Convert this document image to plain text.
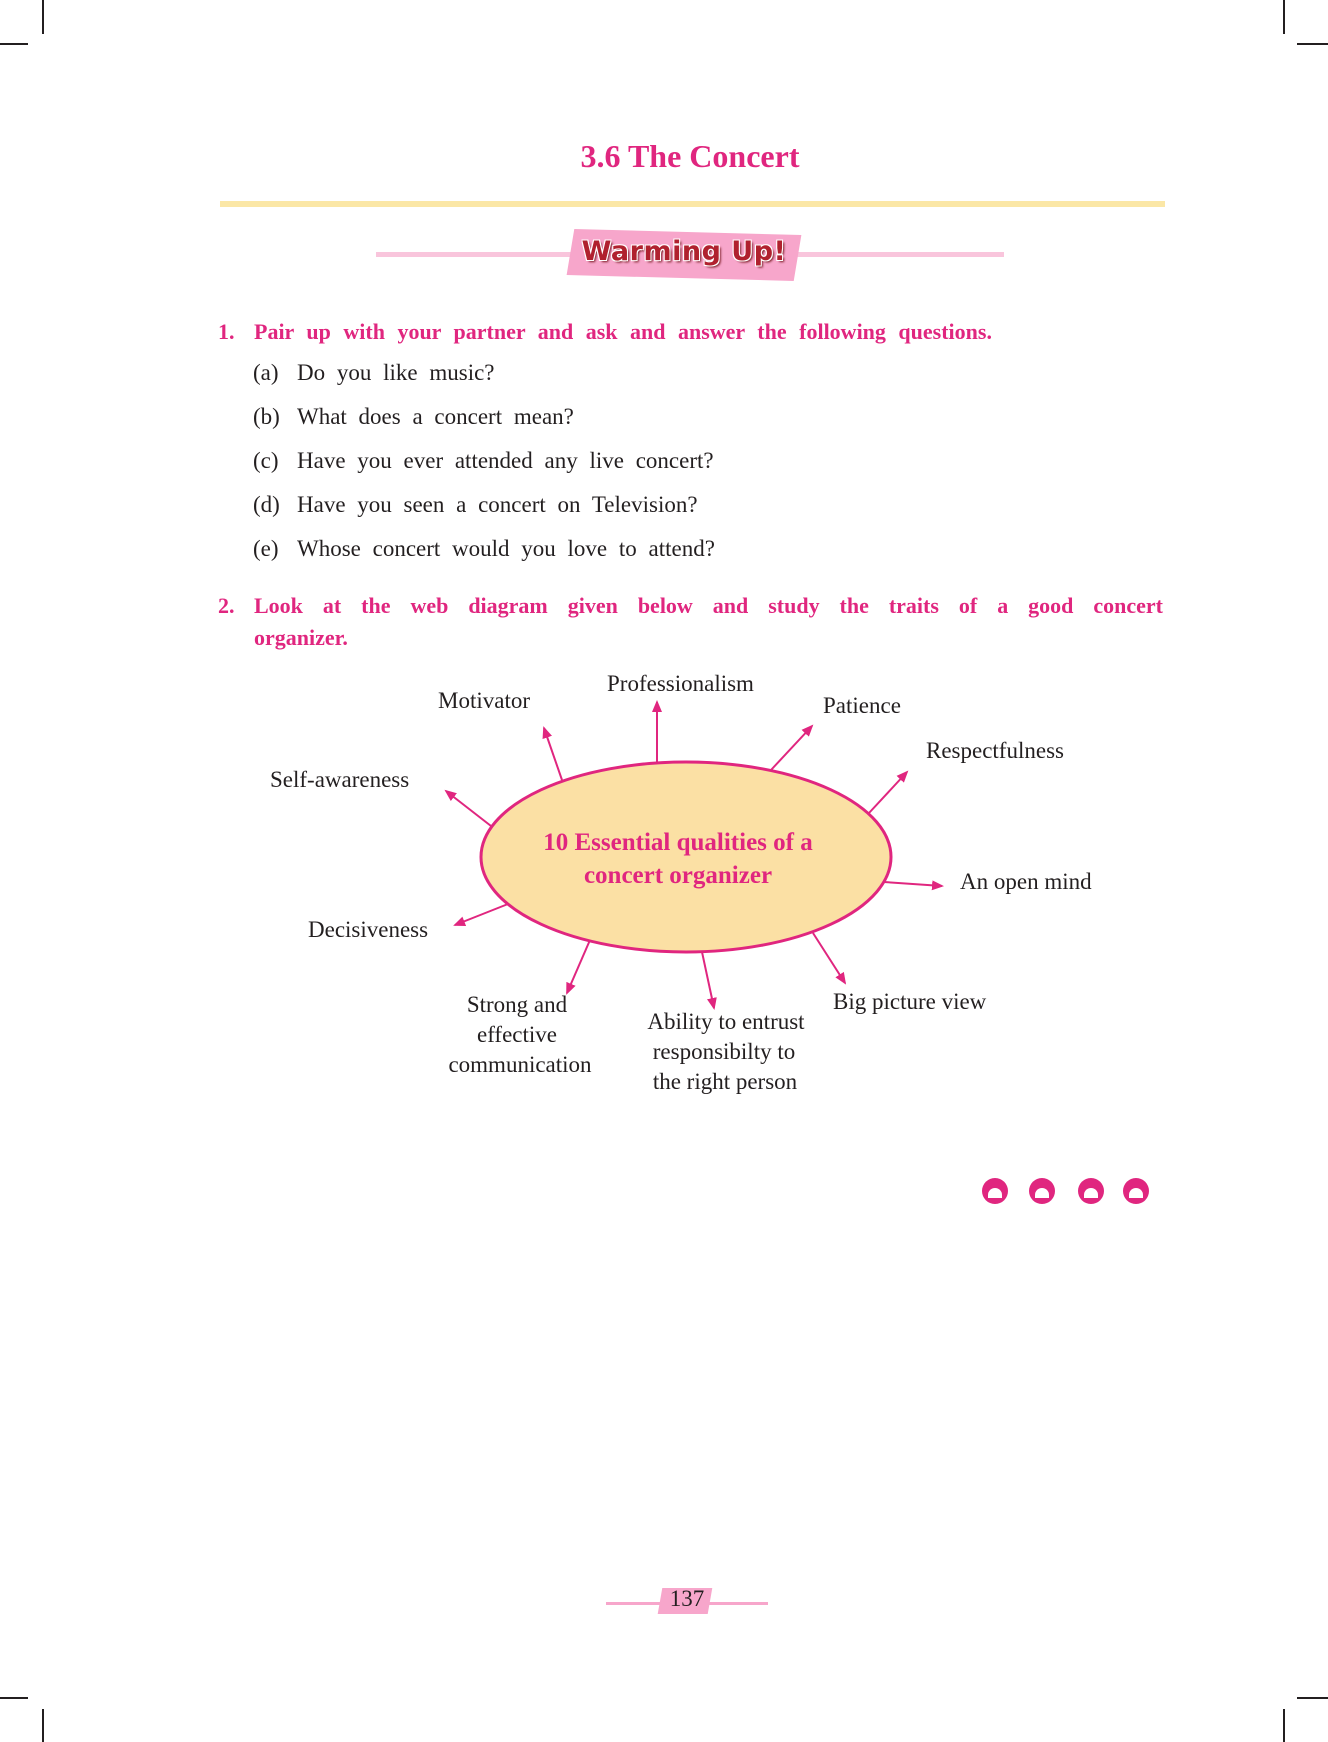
3.6 The Concert
Warming Up!
1. Pair up with your partner and ask and answer the following questions.
(a) Do you like music?
(b) What does a concert mean?
(c) Have you ever attended any live concert?
(d) Have you seen a concert on Television?
(e) Whose concert would you love to attend?
2. Look at the web diagram given below and study the traits of a good concert organizer.
10 Essential qualities of a
concert organizer
Motivator
Professionalism
Patience
Respectfulness
Self-awareness
An open mind
Decisiveness
Big picture view
Strong and
effective
communication
Ability to entrust
responsibilty to
the right person
137
